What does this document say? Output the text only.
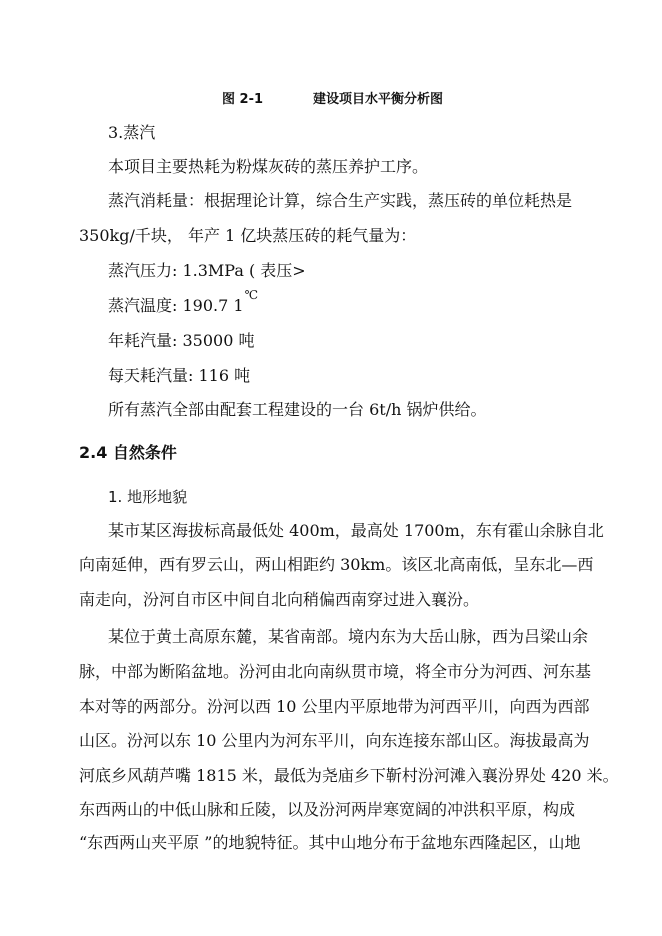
图 2-1	建设项目水平衡分析图
3.蒸汽
本项目主要热耗为粉煤灰砖的蒸压养护工序。
蒸汽消耗量：根据理论计算，综合生产实践，蒸压砖的单位耗热是
350kg/千块， 年产 1 亿块蒸压砖的耗气量为：
蒸汽压力: 1.3MPa ( 表压>
蒸汽温度: 190.7 1℃
年耗汽量: 35000 吨
每天耗汽量: 116 吨
所有蒸汽全部由配套工程建设的一台 6t/h 锅炉供给。
2.4 自然条件
1. 地形地貌
某市某区海拔标高最低处 400m，最高处 1700m，东有霍山余脉自北
向南延伸，西有罗云山，两山相距约 30km。该区北高南低，呈东北—西
南走向，汾河自市区中间自北向稍偏西南穿过进入襄汾。
某位于黄土高原东麓，某省南部。境内东为大岳山脉，西为吕梁山余
脉，中部为断陷盆地。汾河由北向南纵贯市境，将全市分为河西、河东基
本对等的两部分。汾河以西 10 公里内平原地带为河西平川，向西为西部
山区。汾河以东 10 公里内为河东平川，向东连接东部山区。海拔最高为
河底乡风葫芦嘴 1815 米，最低为尧庙乡下靳村汾河滩入襄汾界处 420 米。
东西两山的中低山脉和丘陵，以及汾河两岸寒宽阔的冲洪积平原，构成
“东西两山夹平原 ”的地貌特征。其中山地分布于盆地东西隆起区，山地
